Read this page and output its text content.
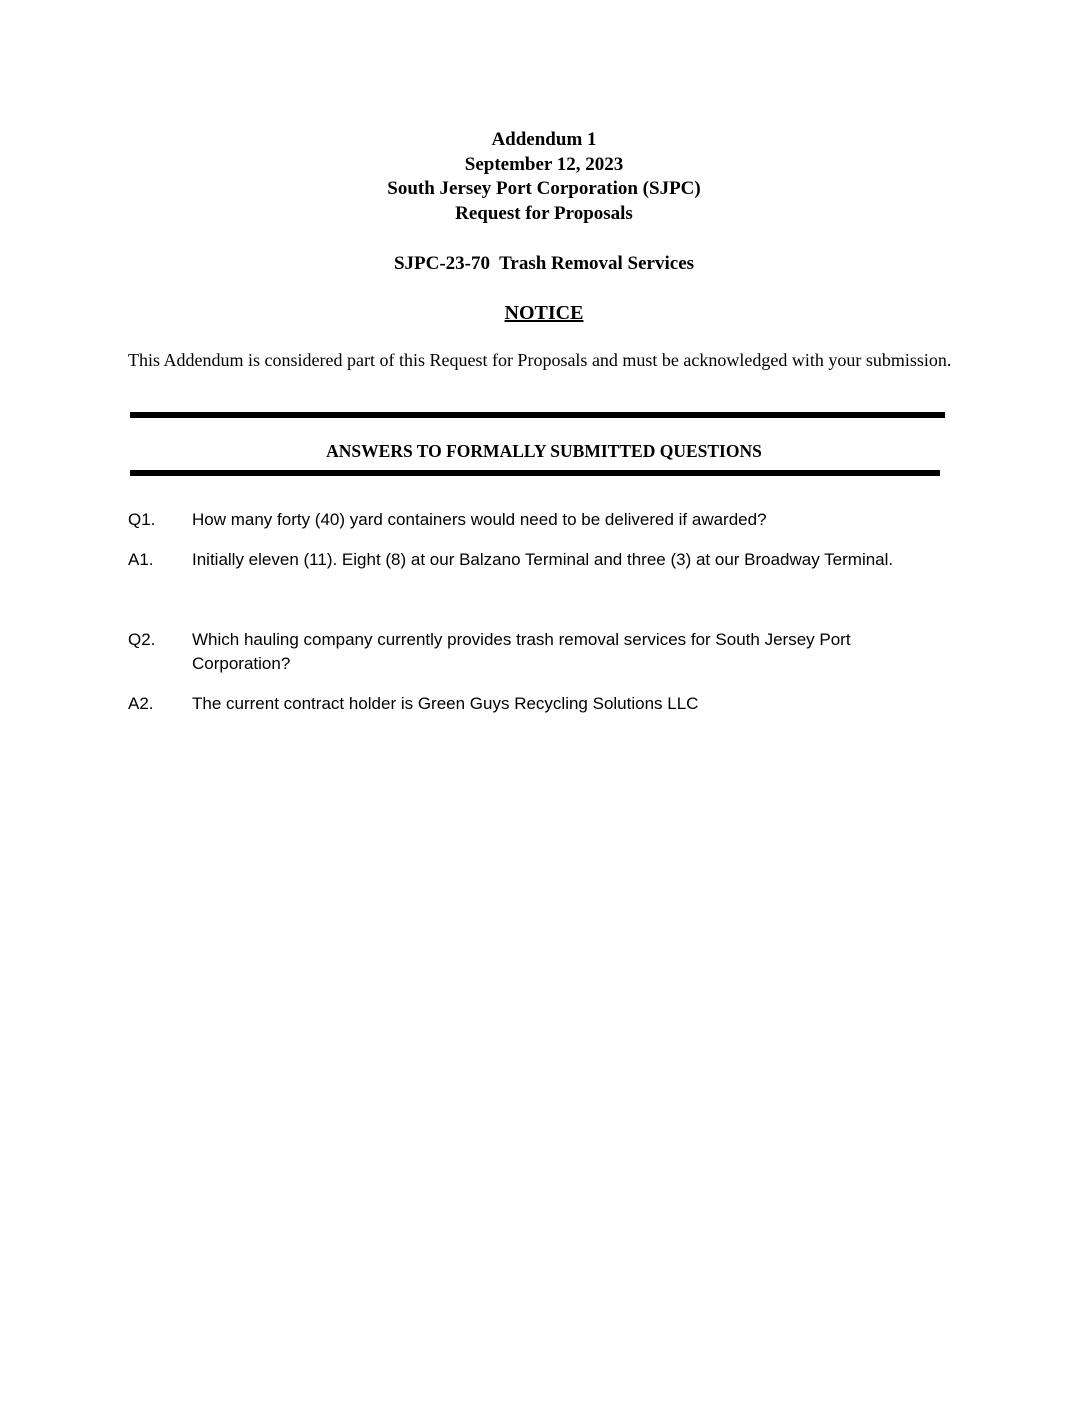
Addendum 1
September 12, 2023
South Jersey Port Corporation (SJPC)
Request for Proposals
SJPC-23-70  Trash Removal Services
NOTICE
This Addendum is considered part of this Request for Proposals and must be acknowledged with your submission.
ANSWERS TO FORMALLY SUBMITTED QUESTIONS
Q1.	How many forty (40) yard containers would need to be delivered if awarded?
A1.	Initially eleven (11). Eight (8) at our Balzano Terminal and three (3) at our Broadway Terminal.
Q2.	Which hauling company currently provides trash removal services for South Jersey Port Corporation?
A2.	The current contract holder is Green Guys Recycling Solutions LLC
